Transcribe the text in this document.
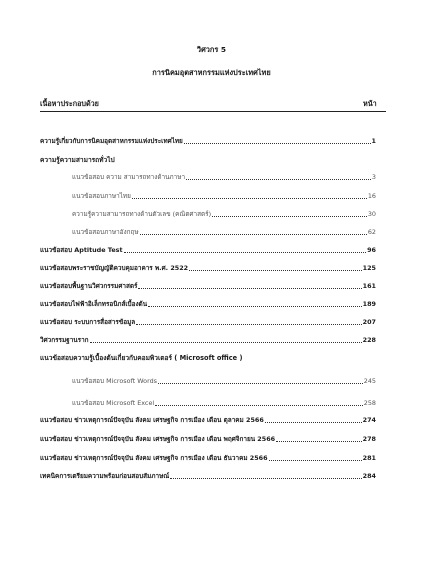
วิศวกร 5
การนิคมอุตสาหกรรมแห่งประเทศไทย
เนื้อหาประกอบด้วย	หน้า
ความรู้เกี่ยวกับการนิคมอุตสาหกรรมแห่งประเทศไทย	1
ความรู้ความสามารถทั่วไป
แนวข้อสอบ ความ สามารถทางด้านภาษา	3
แนวข้อสอบภาษาไทย	16
ความรู้ความสามารถทางด้านตัวเลข (คณิตศาสตร์)	30
แนวข้อสอบภาษาอังกฤษ	62
แนวข้อสอบ Aptitude Test	96
แนวข้อสอบพระราชบัญญัติควบคุมอาคาร พ.ศ. 2522	125
แนวข้อสอบพื้นฐานวิศวกรรมศาสตร์	161
แนวข้อสอบไฟฟ้าอิเล็กทรอนิกส์เบื้องต้น	189
แนวข้อสอบ ระบบการสื่อสารข้อมูล	207
วิศวกรรมฐานราก	228
แนวข้อสอบความรู้เบื้องต้นเกี่ยวกับคอมพิวเตอร์ ( Microsoft office )
แนวข้อสอบ Microsoft Words	245
แนวข้อสอบ Microsoft Excel	258
แนวข้อสอบ ข่าวเหตุการณ์ปัจจุบัน สังคม เศรษฐกิจ การเมือง เดือน ตุลาคม 2566	274
แนวข้อสอบ ข่าวเหตุการณ์ปัจจุบัน สังคม เศรษฐกิจ การเมือง เดือน พฤศจิกายน 2566	278
แนวข้อสอบ ข่าวเหตุการณ์ปัจจุบัน สังคม เศรษฐกิจ การเมือง เดือน ธันวาคม 2566	281
เทคนิคการเตรียมความพร้อมก่อนสอบสัมภาษณ์	284
